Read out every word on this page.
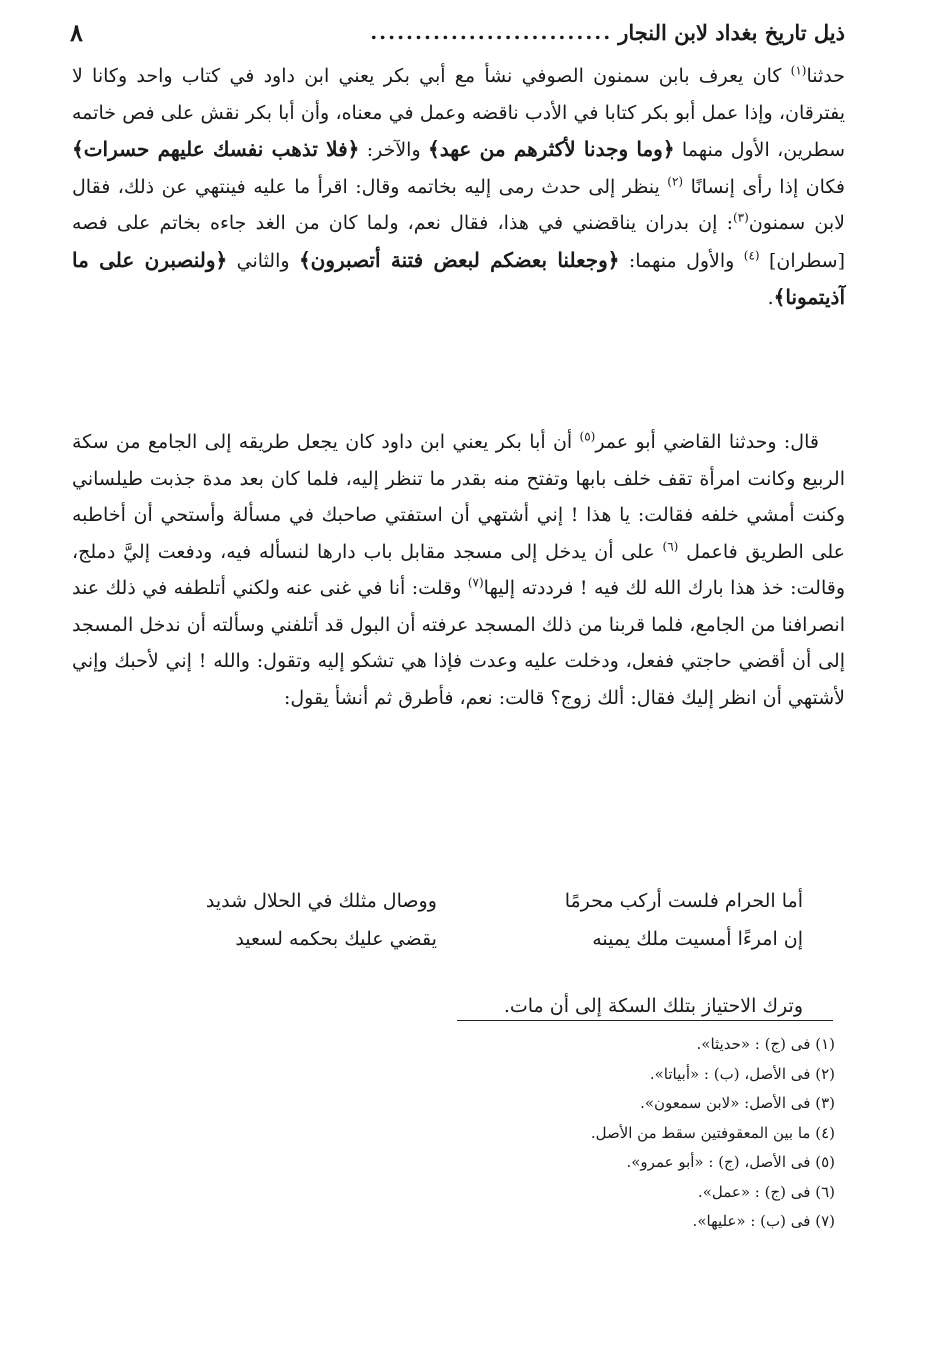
ذيل تاريخ بغداد لابن النجار
...........................
٨

حدثنا$^{(١)}$ كان يعرف بابن سمنون الصوفي نشأ مع أبي بكر يعني ابن داود في كتاب واحد وكانا لا يفترقان، وإذا عمل أبو بكر كتابا في الأدب ناقضه وعمل في معناه، وأن أبا بكر نقش على فص خاتمه سطرين، الأول منهما ﴿وما وجدنا لأكثرهم من عهد﴾ والآخر: ﴿فلا تذهب نفسك عليهم حسرات﴾ فكان إذا رأى إنسانًا $^{(٢)}$ ينظر إلى حدث رمى إليه بخاتمه وقال: اقرأ ما عليه فينتهي عن ذلك، فقال لابن سمنون$^{(٣)}$: إن بدران يناقضني في هذا، فقال نعم، ولما كان من الغد جاءه بخاتم على فصه [سطران] $^{(٤)}$ والأول منهما: ﴿وجعلنا بعضكم لبعض فتنة أتصبرون﴾ والثاني ﴿ولنصبرن على ما آذيتمونا﴾.

قال: وحدثنا القاضي أبو عمر$^{(٥)}$ أن أبا بكر يعني ابن داود كان يجعل طريقه إلى الجامع من سكة الربيع وكانت امرأة تقف خلف بابها وتفتح منه بقدر ما تنظر إليه، فلما كان بعد مدة جذبت طيلساني وكنت أمشي خلفه فقالت: يا هذا ! إني أشتهي أن استفتي صاحبك في مسألة وأستحي أن أخاطبه على الطريق فاعمل $^{(٦)}$ على أن يدخل إلى مسجد مقابل باب دارها لنسأله فيه، ودفعت إليَّ دملج، وقالت: خذ هذا بارك الله لك فيه ! فرددته إليها$^{(٧)}$ وقلت: أنا في غنى عنه ولكني أتلطفه في ذلك عند انصرافنا من الجامع، فلما قربنا من ذلك المسجد عرفته أن البول قد أتلفني وسألته أن ندخل المسجد إلى أن أقضي حاجتي ففعل، ودخلت عليه وعدت فإذا هي تشكو إليه وتقول: والله ! إني لأحبك وإني لأشتهي أن انظر إليك فقال: ألك زوج؟ قالت: نعم، فأطرق ثم أنشأ يقول:

أما الحرام فلست أركب محرمًا
ووصال مثلك في الحلال شديد
إن امرءًا أمسيت ملك يمينه
يقضي عليك بحكمه لسعيد
وترك الاحتياز بتلك السكة إلى أن مات.
(١) فى (ج) : «حديثا».
(٢) فى الأصل، (ب) : «أبياتا».
(٣) فى الأصل: «لابن سمعون».
(٤) ما بين المعقوفتين سقط من الأصل.
(٥) فى الأصل، (ج) : «أبو عمرو».
(٦) فى (ج) : «عمل».
(٧) فى (ب) : «عليها».
